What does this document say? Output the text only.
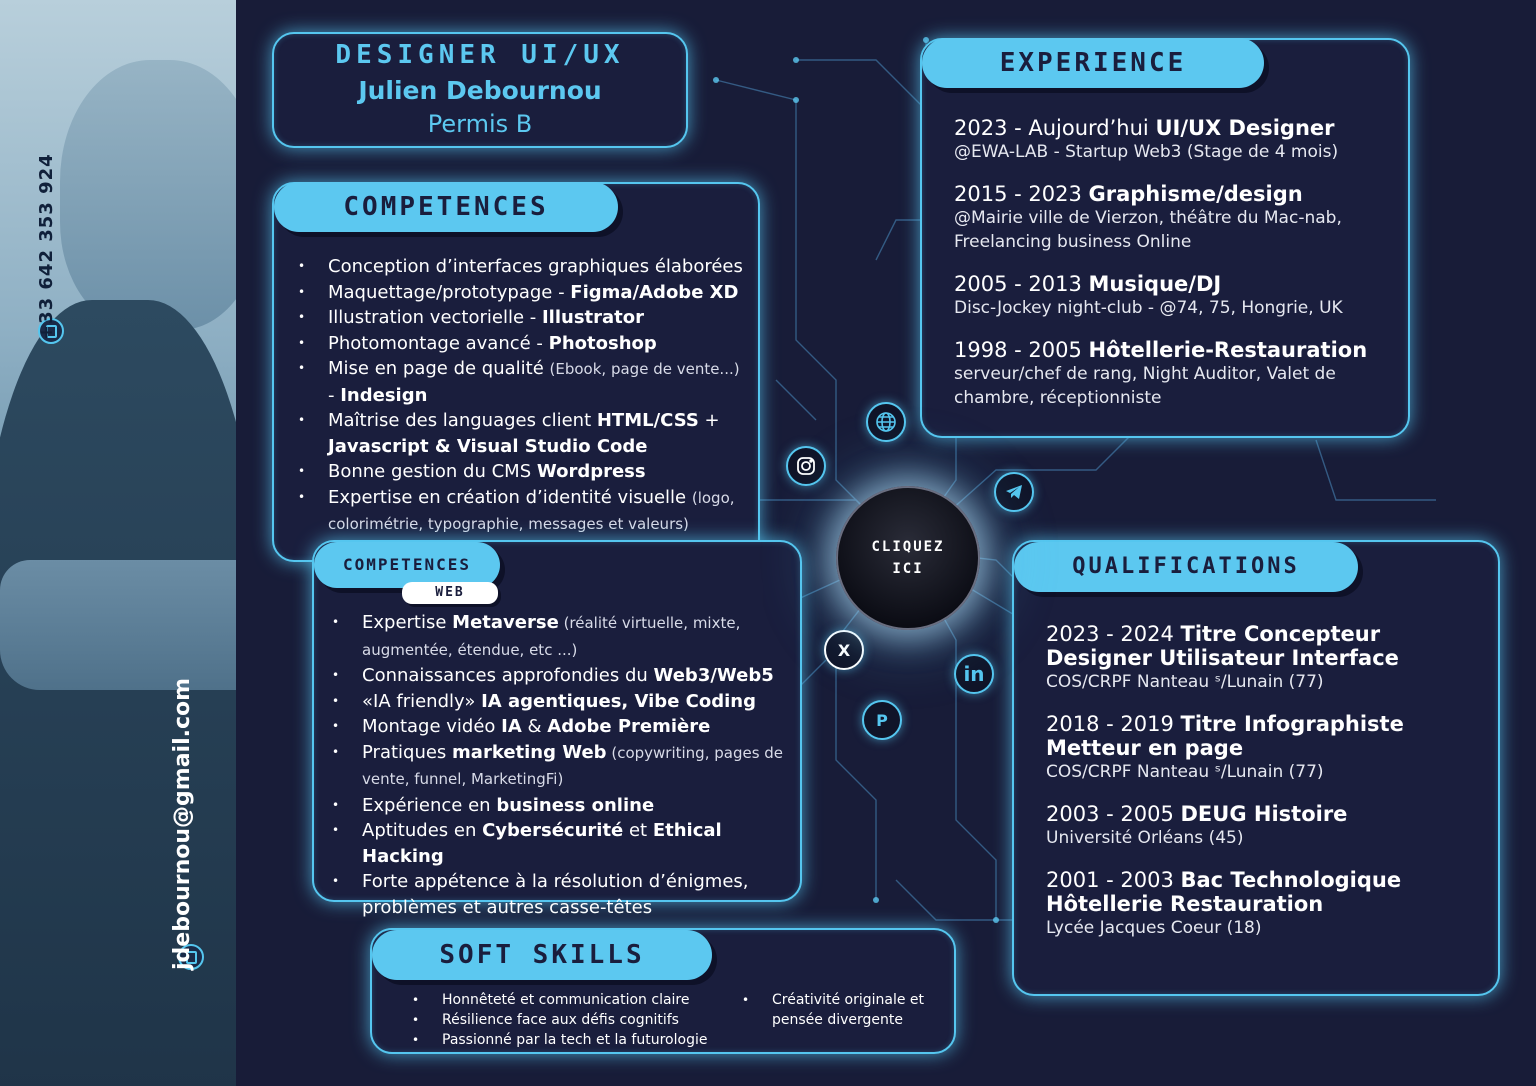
+33 642 353 924
jdebournou@gmail.com
DESIGNER UI/UX
Julien Debournou
Permis B
COMPETENCES
• Conception d’interfaces graphiques élaborées
• Maquettage/prototypage - Figma/Adobe XD
• Illustration vectorielle - Illustrator
• Photomontage avancé - Photoshop
• Mise en page de qualité (Ebook, page de vente...) - Indesign
• Maîtrise des languages client HTML/CSS + Javascript & Visual Studio Code
• Bonne gestion du CMS Wordpress
• Expertise en création d’identité visuelle (logo, colorimétrie, typographie, messages et valeurs)
COMPETENCES
WEB
• Expertise Metaverse (réalité virtuelle, mixte, augmentée, étendue, etc ...)
• Connaissances approfondies du Web3/Web5
• «IA friendly» IA agentiques, Vibe Coding
• Montage vidéo IA & Adobe Première
• Pratiques marketing Web (copywriting, pages de vente, funnel, MarketingFi)
• Expérience en business online
• Aptitudes en Cybersécurité et Ethical Hacking
• Forte appétence à la résolution d’énigmes, problèmes et autres casse-têtes
SOFT SKILLS
• Honnêteté et communication claire
• Résilience face aux défis cognitifs
• Passionné par la tech et la futurologie
• Créativité originale et pensée divergente
EXPERIENCE
2023 - Aujourd’hui UI/UX Designer
@EWA-LAB - Startup Web3 (Stage de 4 mois)
2015 - 2023 Graphisme/design
@Mairie ville de Vierzon, théâtre du Mac-nab, Freelancing business Online
2005 - 2013 Musique/DJ
Disc-Jockey night-club - @74, 75, Hongrie, UK
1998 - 2005 Hôtellerie-Restauration
serveur/chef de rang, Night Auditor, Valet de chambre, réceptionniste
QUALIFICATIONS
2023 - 2024 Titre Concepteur Designer Utilisateur Interface
COS/CRPF Nanteau ˢ/Lunain (77)
2018 - 2019 Titre Infographiste Metteur en page
COS/CRPF Nanteau ˢ/Lunain (77)
2003 - 2005 DEUG Histoire
Université Orléans (45)
2001 - 2003 Bac Technologique Hôtellerie Restauration
Lycée Jacques Coeur (18)
X
in
P
CLIQUEZ
ICI
